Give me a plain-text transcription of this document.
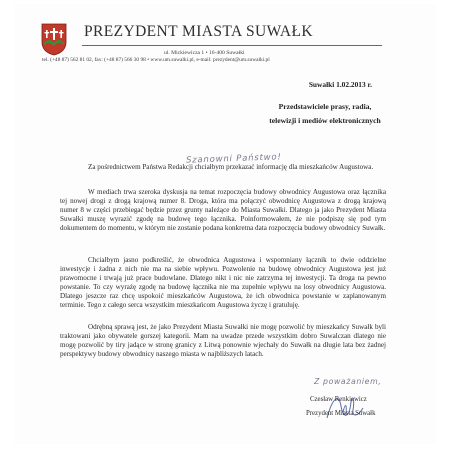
PREZYDENT MIASTA SUWAŁK
ul. Mickiewicza 1 • 16-400 Suwałki
tel. (+48 87) 562 81 02, fax: (+48 87) 566 30 98 • www.um.suwalki.pl, e-mail: prezydent@um.suwalki.pl
Suwałki 1.02.2013 r.
Przedstawiciele prasy, radia,
telewizji i mediów elektronicznych
Szanowni Państwo!

Za pośrednictwem Państwa Redakcji chciałbym przekazać informację dla mieszkańców Augustowa.

W mediach trwa szeroka dyskusja na temat rozpoczęcia budowy obwodnicy Augustowa oraz łącznika tej nowej drogi z drogą krajową numer 8. Droga, która ma połączyć obwodnicę Augustowa z drogą krajową numer 8 w części przebiegać będzie przez grunty należące do Miasta Suwałki. Dlatego ja jako Prezydent Miasta Suwałki muszę wyrazić zgodę na budowę tego łącznika. Poinformowałem, że nie podpiszę się pod tym dokumentem do momentu, w którym nie zostanie podana konkretna data rozpoczęcia budowy obwodnicy Suwałk.

Chciałbym jasno podkreślić, że obwodnica Augustowa i wspomniany łącznik to dwie oddzielne inwestycje i żadna z nich nie ma na siebie wpływu. Pozwolenie na budowę obwodnicy Augustowa jest już prawomocne i trwają już prace budowlane. Dlatego nikt i nic nie zatrzyma tej inwestycji. Ta droga na pewno powstanie. To czy wyrażę zgodę na budowę łącznika nie ma zupełnie wpływu na losy obwodnicy Augustowa. Dlatego jeszcze raz chcę uspokoić mieszkańców Augustowa, że ich obwodnica powstanie w zaplanowanym terminie. Tego z całego serca wszystkim mieszkańcom Augustowa życzę i gratuluję.

Odrębną sprawą jest, że jako Prezydent Miasta Suwałki nie mogę pozwolić by mieszkańcy Suwałk byli traktowani jako obywatele gorszej kategorii. Mam na uwadze przede wszystkim dobro Suwalczan dlatego nie mogę pozwolić by tiry jadące w stronę granicy z Litwą ponownie wjechały do Suwałk na długie lata bez żadnej perspektywy budowy obwodnicy naszego miasta w najbliższych latach.

Z poważaniem,
Czesław Renkiewicz
Prezydent Miasta Suwałk
